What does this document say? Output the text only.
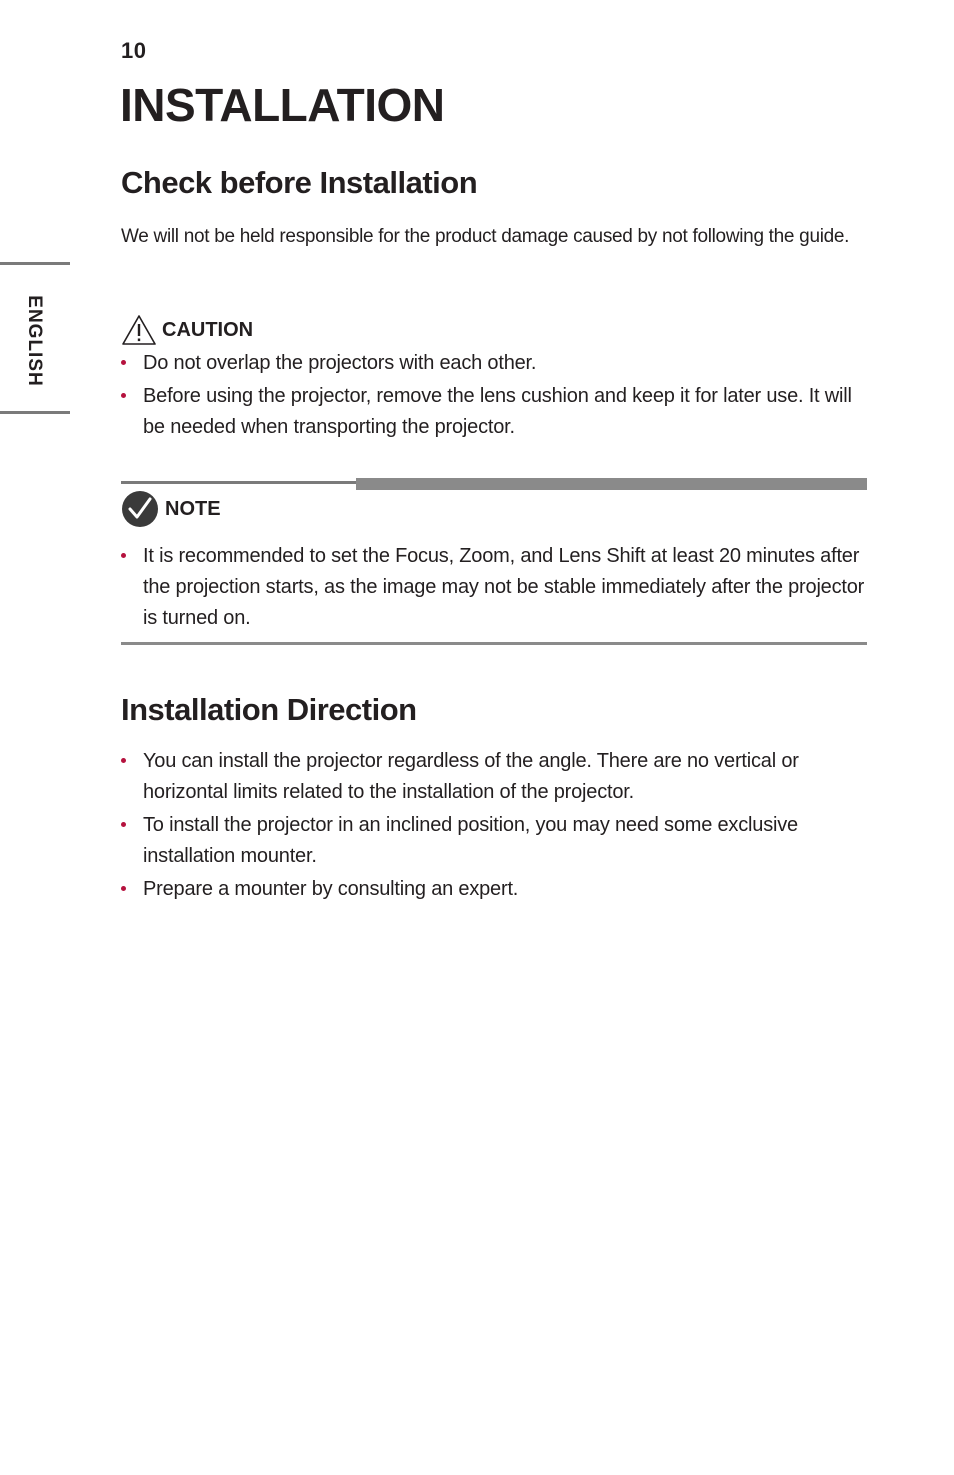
10
INSTALLATION
ENGLISH
Check before Installation

We will not be held responsible for the product damage caused by not following the guide.

CAUTION
Do not overlap the projectors with each other.
Before using the projector, remove the lens cushion and keep it for later use. It will be needed when transporting the projector.
NOTE
It is recommended to set the Focus, Zoom, and Lens Shift at least 20 minutes after the projection starts, as the image may not be stable immediately after the projector is turned on.
Installation Direction
You can install the projector regardless of the angle. There are no vertical or horizontal limits related to the installation of the projector.
To install the projector in an inclined position, you may need some exclusive installation mounter.
Prepare a mounter by consulting an expert.
